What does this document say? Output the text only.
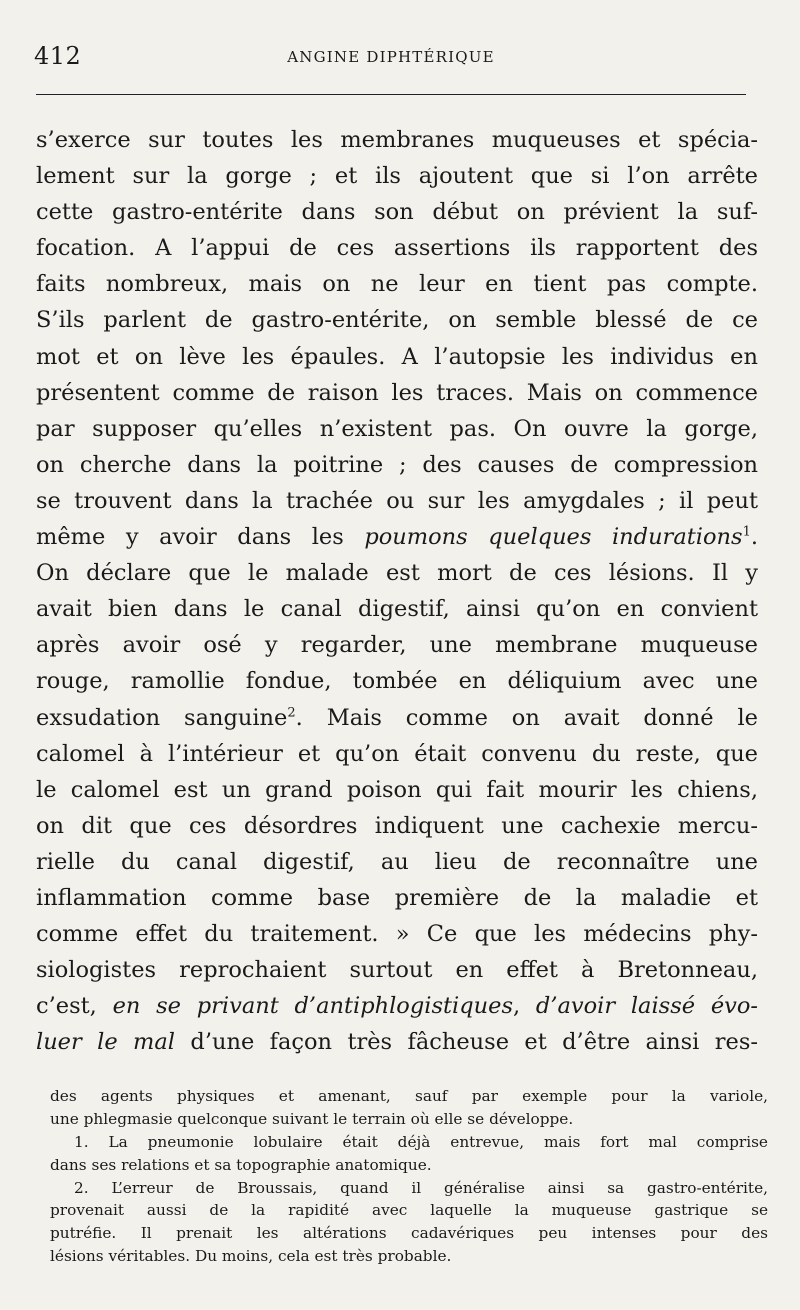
412	ANGINE DIPHTÉRIQUE
s’exerce sur toutes les membranes muqueuses et spécia-
lement sur la gorge ; et ils ajoutent que si l’on arrête
cette gastro-entérite dans son début on prévient la suf-
focation. A l’appui de ces assertions ils rapportent des
faits nombreux, mais on ne leur en tient pas compte.
S’ils parlent de gastro-entérite, on semble blessé de ce
mot et on lève les épaules. A l’autopsie les individus en
présentent comme de raison les traces. Mais on commence
par supposer qu’elles n’existent pas. On ouvre la gorge,
on cherche dans la poitrine ; des causes de compression
se trouvent dans la trachée ou sur les amygdales ; il peut
même y avoir dans les poumons quelques indurations$^1$.
On déclare que le malade est mort de ces lésions. Il y
avait bien dans le canal digestif, ainsi qu’on en convient
après avoir osé y regarder, une membrane muqueuse
rouge, ramollie fondue, tombée en déliquium avec une
exsudation sanguine$^2$. Mais comme on avait donné le
calomel à l’intérieur et qu’on était convenu du reste, que
le calomel est un grand poison qui fait mourir les chiens,
on dit que ces désordres indiquent une cachexie mercu-
rielle du canal digestif, au lieu de reconnaître une
inflammation comme base première de la maladie et
comme effet du traitement. » Ce que les médecins phy-
siologistes reprochaient surtout en effet à Bretonneau,
c’est, en se privant d’antiphlogistiques, d’avoir laissé évo-
luer le mal d’une façon très fâcheuse et d’être ainsi res-
des agents physiques et amenant, sauf par exemple pour la variole,
une phlegmasie quelconque suivant le terrain où elle se développe.
1. La pneumonie lobulaire était déjà entrevue, mais fort mal comprise
dans ses relations et sa topographie anatomique.
2. L’erreur de Broussais, quand il généralise ainsi sa gastro-entérite,
provenait aussi de la rapidité avec laquelle la muqueuse gastrique se
putréfie. Il prenait les altérations cadavériques peu intenses pour des
lésions véritables. Du moins, cela est très probable.
